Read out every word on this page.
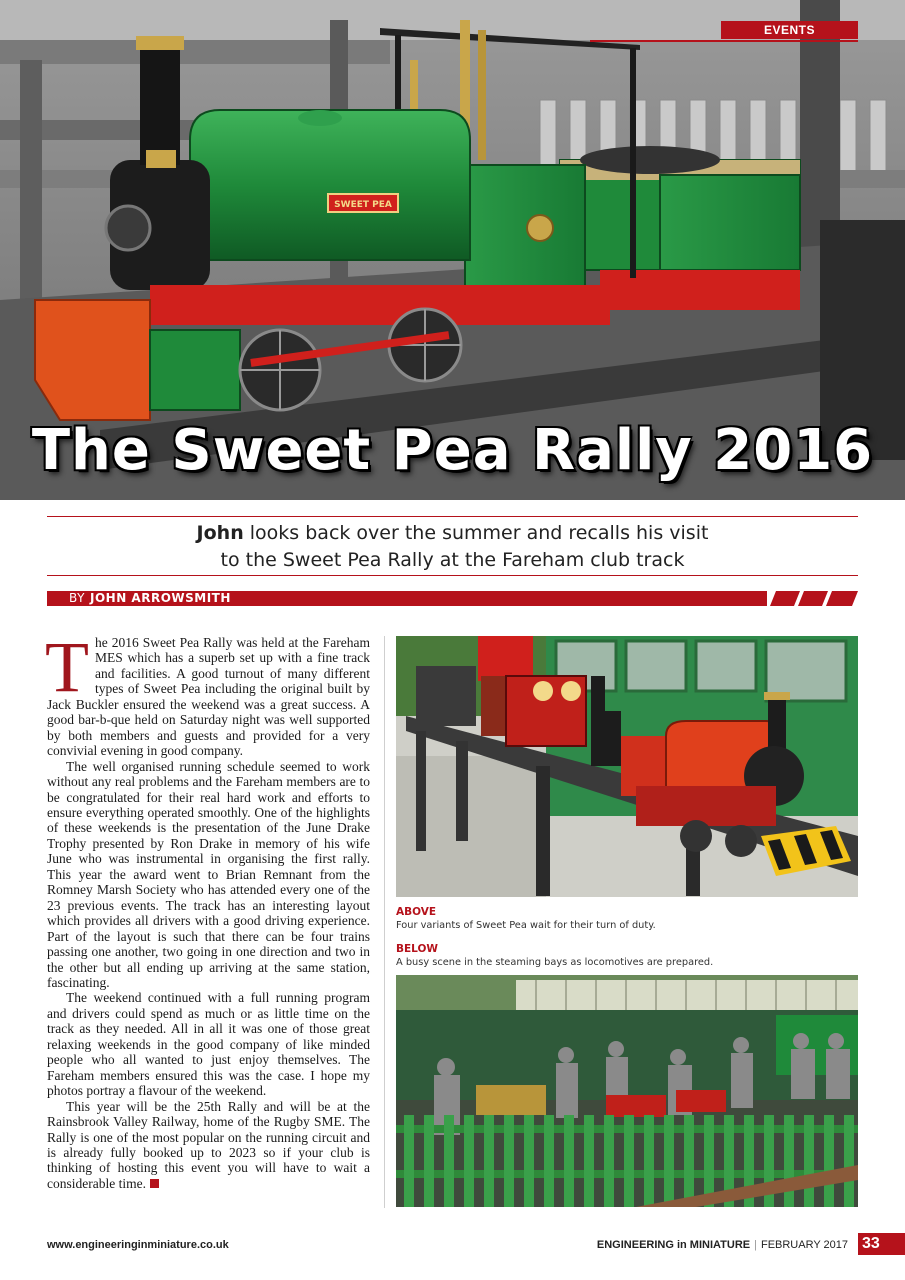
SWEET PEA
EVENTS
The Sweet Pea Rally 2016
John looks back over the summer and recalls his visit
to the Sweet Pea Rally at the Fareham club track
BY JOHN ARROWSMITH

The 2016 Sweet Pea Rally was held at the Fareham MES which has a superb set up with a fine track and facilities. A good turnout of many different types of Sweet Pea including the original built by Jack Buckler ensured the weekend was a great success. A good bar-b-que held on Saturday night was well supported by both members and guests and provided for a very convivial evening in good company.

The well organised running schedule seemed to work without any real problems and the Fareham members are to be congratulated for their real hard work and efforts to ensure everything operated smoothly. One of the highlights of these weekends is the presentation of the June Drake Trophy presented by Ron Drake in memory of his wife June who was instrumental in organising the first rally. This year the award went to Brian Remnant from the Romney Marsh Society who has attended every one of the 23 previous events. The track has an interesting layout which provides all drivers with a good driving experience. Part of the layout is such that there can be four trains passing one another, two going in one direction and two in the other but all ending up arriving at the same station, fascinating.

The weekend continued with a full running program and drivers could spend as much or as little time on the track as they needed. All in all it was one of those great relaxing weekends in the good company of like minded people who all wanted to just enjoy themselves. The Fareham members ensured this was the case. I hope my photos portray a flavour of the weekend.

This year will be the 25th Rally and will be at the Rainsbrook Valley Railway, home of the Rugby SME. The Rally is one of the most popular on the running circuit and is already fully booked up to 2023 so if your club is thinking of hosting this event you will have to wait a considerable time.

ABOVE
Four variants of Sweet Pea wait for their turn of duty.
BELOW
A busy scene in the steaming bays as locomotives are prepared.
www.engineeringinminiature.co.uk	ENGINEERING in MINIATURE | FEBRUARY 2017 33
